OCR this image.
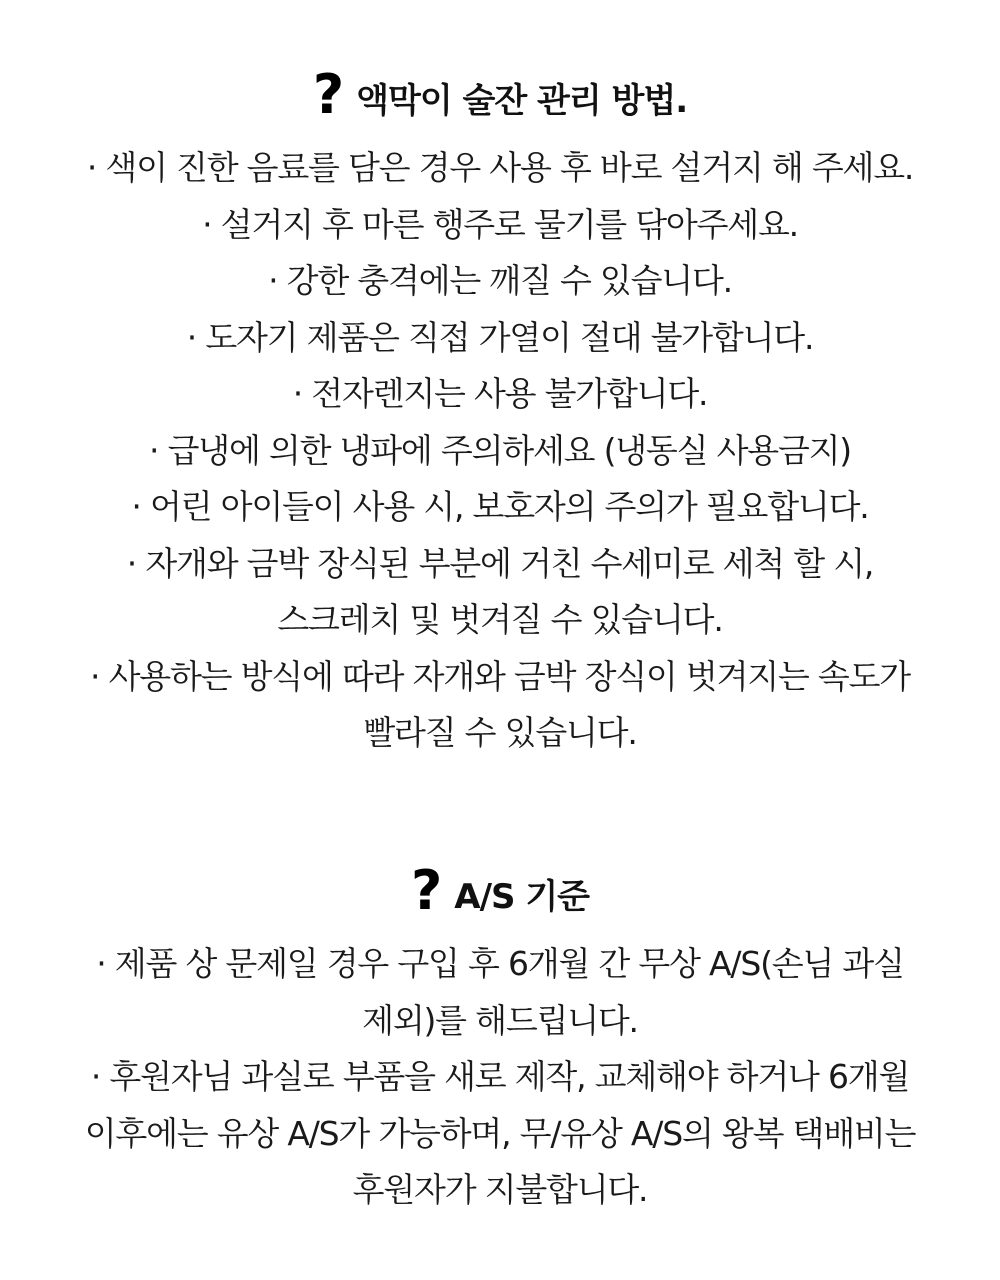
? 액막이 술잔 관리 방법.
· 색이 진한 음료를 담은 경우 사용 후 바로 설거지 해 주세요.
· 설거지 후 마른 행주로 물기를 닦아주세요.
· 강한 충격에는 깨질 수 있습니다.
· 도자기 제품은 직접 가열이 절대 불가합니다.
· 전자렌지는 사용 불가합니다.
· 급냉에 의한 냉파에 주의하세요 (냉동실 사용금지)
· 어린 아이들이 사용 시, 보호자의 주의가 필요합니다.
· 자개와 금박 장식된 부분에 거친 수세미로 세척 할 시,
스크레치 및 벗겨질 수 있습니다.
· 사용하는 방식에 따라 자개와 금박 장식이 벗겨지는 속도가
빨라질 수 있습니다.
? A/S 기준
· 제품 상 문제일 경우 구입 후 6개월 간 무상 A/S(손님 과실
제외)를 해드립니다.
· 후원자님 과실로 부품을 새로 제작, 교체해야 하거나 6개월
이후에는 유상 A/S가 가능하며, 무/유상 A/S의 왕복 택배비는
후원자가 지불합니다.
